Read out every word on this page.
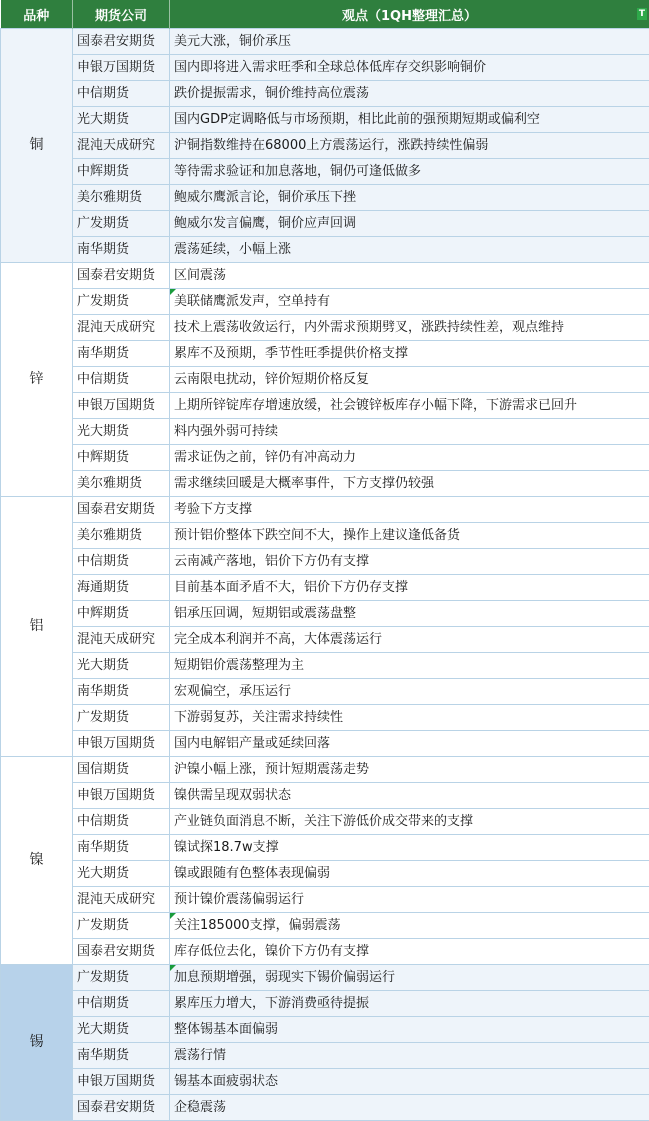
品种	期货公司	观点（1QH整理汇总） T

铜	国泰君安期货	美元大涨，铜价承压
	申银万国期货	国内即将进入需求旺季和全球总体低库存交织影响铜价
	中信期货	跌价提振需求，铜价维持高位震荡
	光大期货	国内GDP定调略低与市场预期，相比此前的强预期短期或偏利空
	混沌天成研究	沪铜指数维持在68000上方震荡运行，涨跌持续性偏弱
	中辉期货	等待需求验证和加息落地，铜仍可逢低做多
	美尔雅期货	鲍威尔鹰派言论，铜价承压下挫
	广发期货	鲍威尔发言偏鹰，铜价应声回调
	南华期货	震荡延续，小幅上涨
锌	国泰君安期货	区间震荡
	广发期货	美联储鹰派发声，空单持有
	混沌天成研究	技术上震荡收敛运行，内外需求预期劈叉，涨跌持续性差，观点维持
	南华期货	累库不及预期，季节性旺季提供价格支撑
	中信期货	云南限电扰动，锌价短期价格反复
	申银万国期货	上期所锌锭库存增速放缓，社会镀锌板库存小幅下降，下游需求已回升
	光大期货	料内强外弱可持续
	中辉期货	需求证伪之前，锌仍有冲高动力
	美尔雅期货	需求继续回暖是大概率事件，下方支撑仍较强
铝	国泰君安期货	考验下方支撑
	美尔雅期货	预计铝价整体下跌空间不大，操作上建议逢低备货
	中信期货	云南减产落地，铝价下方仍有支撑
	海通期货	目前基本面矛盾不大，铝价下方仍存支撑
	中辉期货	铝承压回调，短期铝或震荡盘整
	混沌天成研究	完全成本利润并不高，大体震荡运行
	光大期货	短期铝价震荡整理为主
	南华期货	宏观偏空，承压运行
	广发期货	下游弱复苏，关注需求持续性
	申银万国期货	国内电解铝产量或延续回落
镍	国信期货	沪镍小幅上涨，预计短期震荡走势
	申银万国期货	镍供需呈现双弱状态
	中信期货	产业链负面消息不断，关注下游低价成交带来的支撑
	南华期货	镍试探18.7w支撑
	光大期货	镍或跟随有色整体表现偏弱
	混沌天成研究	预计镍价震荡偏弱运行
	广发期货	关注185000支撑，偏弱震荡
	国泰君安期货	库存低位去化，镍价下方仍有支撑
锡	广发期货	加息预期增强，弱现实下锡价偏弱运行
	中信期货	累库压力增大，下游消费亟待提振
	光大期货	整体锡基本面偏弱
	南华期货	震荡行情
	申银万国期货	锡基本面疲弱状态
	国泰君安期货	企稳震荡
